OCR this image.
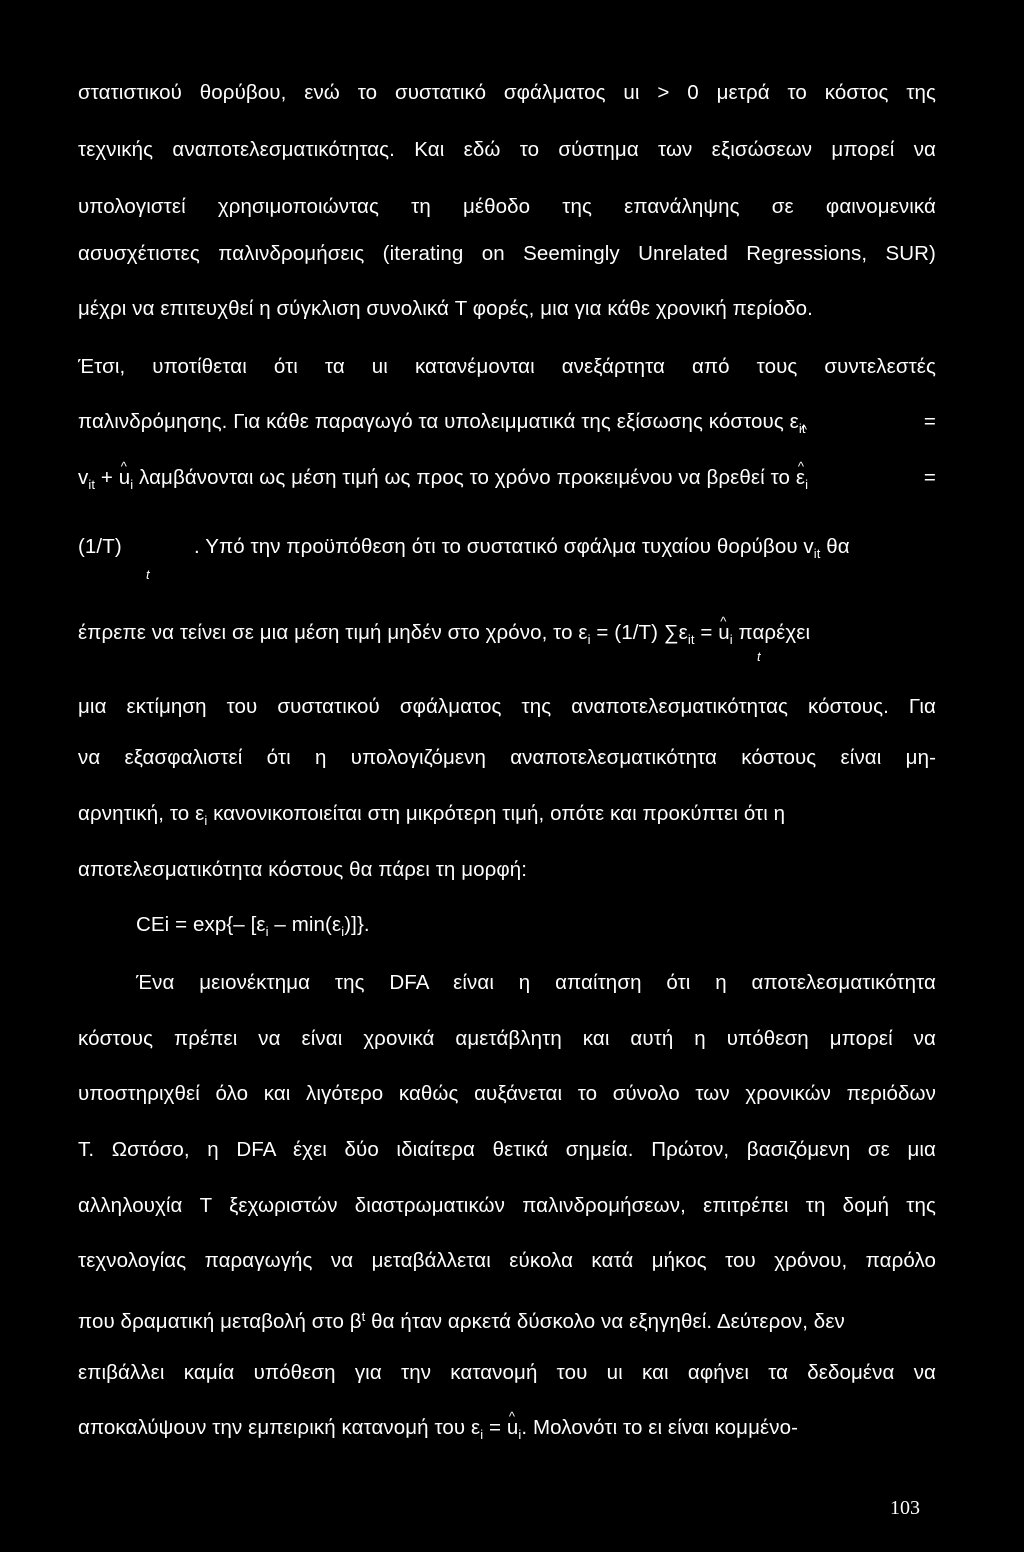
στατιστικού θορύβου, ενώ το συστατικό σφάλματος uι > 0 μετρά το κόστος της
τεχνικής αναποτελεσματικότητας. Και εδώ το σύστημα των εξισώσεων μπορεί να
υπολογιστεί χρησιμοποιώντας τη μέθοδο της επανάληψης σε φαινομενικά
ασυσχέτιστες παλινδρομήσεις (iterating on Seemingly Unrelated Regressions, SUR)
μέχρι να επιτευχθεί η σύγκλιση συνολικά T φορές, μια για κάθε χρονική περίοδο.
Έτσι, υποτίθεται ότι τα uι κατανέμονται ανεξάρτητα από τους συντελεστές
παλινδρόμησης. Για κάθε παραγωγό τα υπολειμματικά της εξίσωσης κόστους $\varepsilon_{it}$	=
$v_{it}$ + ^ $u_i$ λαμβάνονται ως μέση τιμή ως προς το χρόνο προκειμένου να βρεθεί το ^ $\varepsilon_i$	=
(1/T)
t
. Υπό την προϋπόθεση ότι το συστατικό σφάλμα τυχαίου θορύβου $v_{it}$ θα
έπρεπε να τείνει σε μια μέση τιμή μηδέν στο χρόνο, το $\varepsilon_i = (1/T) \sum\varepsilon_{it}$ = ^ $u_i$ παρέχει
t
μια εκτίμηση του συστατικού σφάλματος της αναποτελεσματικότητας κόστους. Για
να εξασφαλιστεί ότι η υπολογιζόμενη αναποτελεσματικότητα κόστους είναι μη-
αρνητική, το $\varepsilon_i$ κανονικοποιείται στη μικρότερη τιμή, οπότε και προκύπτει ότι η
αποτελεσματικότητα κόστους θα πάρει τη μορφή:
CEi = exp{– $[\varepsilon_i - \min(\varepsilon_i)]$}.
Ένα μειονέκτημα της DFA είναι η απαίτηση ότι η αποτελεσματικότητα
κόστους πρέπει να είναι χρονικά αμετάβλητη και αυτή η υπόθεση μπορεί να
υποστηριχθεί όλο και λιγότερο καθώς αυξάνεται το σύνολο των χρονικών περιόδων
T. Ωστόσο, η DFA έχει δύο ιδιαίτερα θετικά σημεία. Πρώτον, βασιζόμενη σε μια
αλληλουχία T ξεχωριστών διαστρωματικών παλινδρομήσεων, επιτρέπει τη δομή της
τεχνολογίας παραγωγής να μεταβάλλεται εύκολα κατά μήκος του χρόνου, παρόλο
που δραματική μεταβολή στο $\beta^t$ θα ήταν αρκετά δύσκολο να εξηγηθεί. Δεύτερον, δεν
επιβάλλει καμία υπόθεση για την κατανομή του uι και αφήνει τα δεδομένα να
αποκαλύψουν την εμπειρική κατανομή του $\varepsilon_i$ = ^ $u_i$. Μολονότι το ει είναι κομμένο-
103
